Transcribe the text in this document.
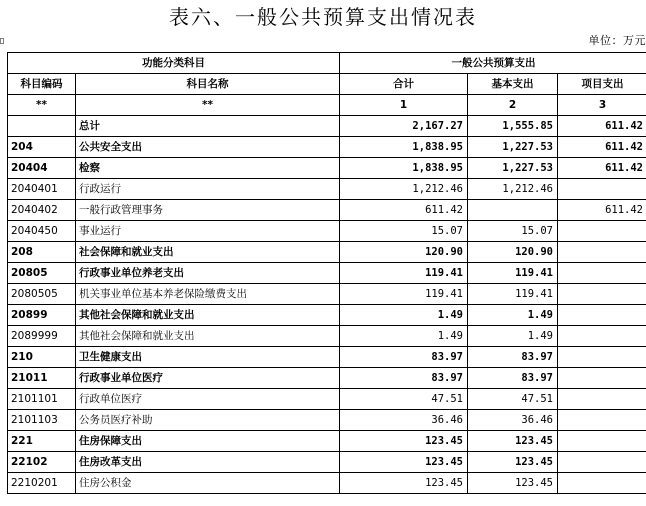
表六、一般公共预算支出情况表
单位：万元
功能分类科目		一般公共预算支出		
科目编码	科目名称	合计	基本支出	项目支出
**	**	1	2	3
	总计	2,167.27	1,555.85	611.42
204	公共安全支出	1,838.95	1,227.53	611.42
20404	检察	1,838.95	1,227.53	611.42
2040401	行政运行	1,212.46	1,212.46	
2040402	一般行政管理事务	611.42		611.42
2040450	事业运行	15.07	15.07	
208	社会保障和就业支出	120.90	120.90	
20805	行政事业单位养老支出	119.41	119.41	
2080505	机关事业单位基本养老保险缴费支出	119.41	119.41	
20899	其他社会保障和就业支出	1.49	1.49	
2089999	其他社会保障和就业支出	1.49	1.49	
210	卫生健康支出	83.97	83.97	
21011	行政事业单位医疗	83.97	83.97	
2101101	行政单位医疗	47.51	47.51	
2101103	公务员医疗补助	36.46	36.46	
221	住房保障支出	123.45	123.45	
22102	住房改革支出	123.45	123.45	
2210201	住房公积金	123.45	123.45	
